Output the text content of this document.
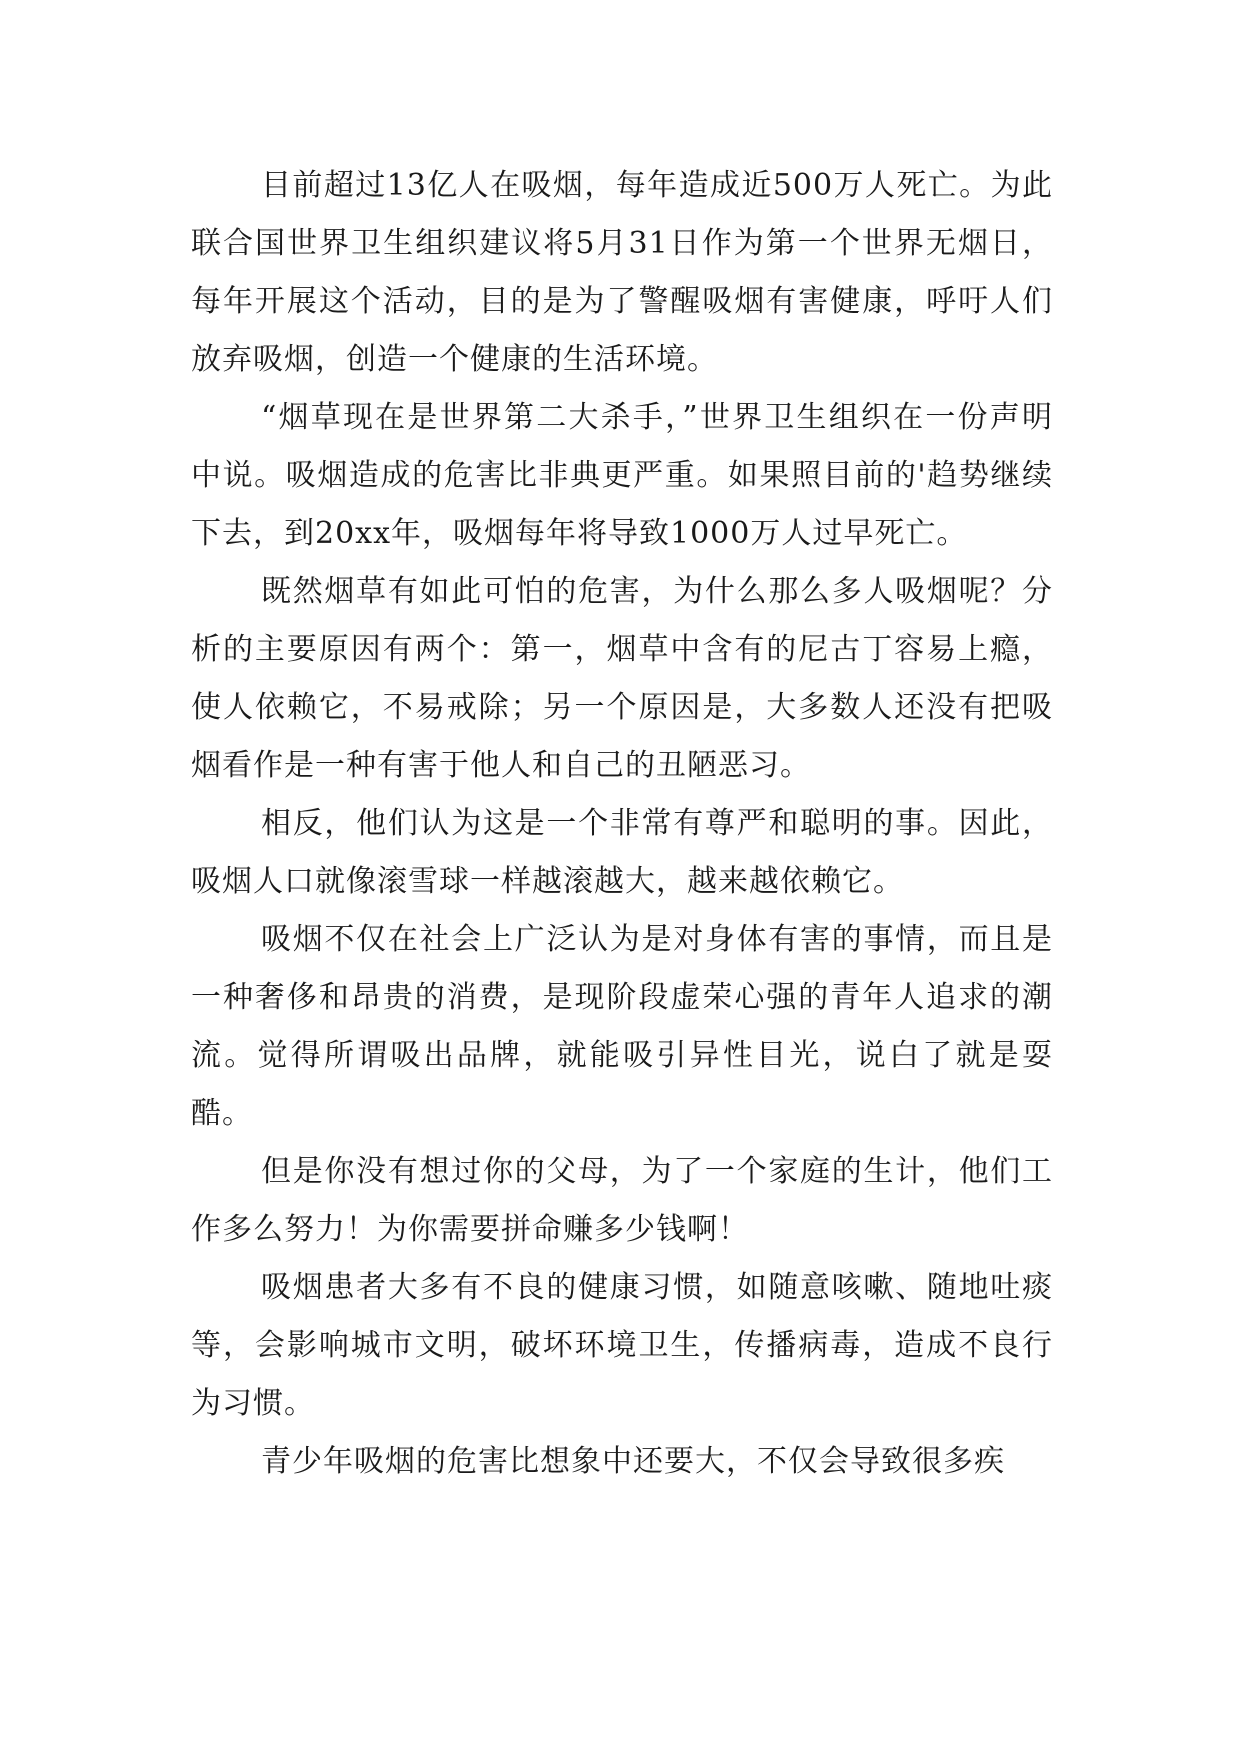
目前超过13亿人在吸烟，每年造成近500万人死亡。为此联合国世界卫生组织建议将5月31日作为第一个世界无烟日，每年开展这个活动，目的是为了警醒吸烟有害健康，呼吁人们放弃吸烟，创造一个健康的生活环境。

“烟草现在是世界第二大杀手，”世界卫生组织在一份声明中说。吸烟造成的危害比非典更严重。如果照目前的'趋势继续下去，到20xx年，吸烟每年将导致1000万人过早死亡。

既然烟草有如此可怕的危害，为什么那么多人吸烟呢？分析的主要原因有两个：第一，烟草中含有的尼古丁容易上瘾，使人依赖它，不易戒除；另一个原因是，大多数人还没有把吸烟看作是一种有害于他人和自己的丑陋恶习。

相反，他们认为这是一个非常有尊严和聪明的事。因此，吸烟人口就像滚雪球一样越滚越大，越来越依赖它。

吸烟不仅在社会上广泛认为是对身体有害的事情，而且是一种奢侈和昂贵的消费，是现阶段虚荣心强的青年人追求的潮流。觉得所谓吸出品牌，就能吸引异性目光，说白了就是耍酷。

但是你没有想过你的父母，为了一个家庭的生计，他们工作多么努力！为你需要拼命赚多少钱啊！

吸烟患者大多有不良的健康习惯，如随意咳嗽、随地吐痰等，会影响城市文明，破坏环境卫生，传播病毒，造成不良行为习惯。

青少年吸烟的危害比想象中还要大，不仅会导致很多疾
